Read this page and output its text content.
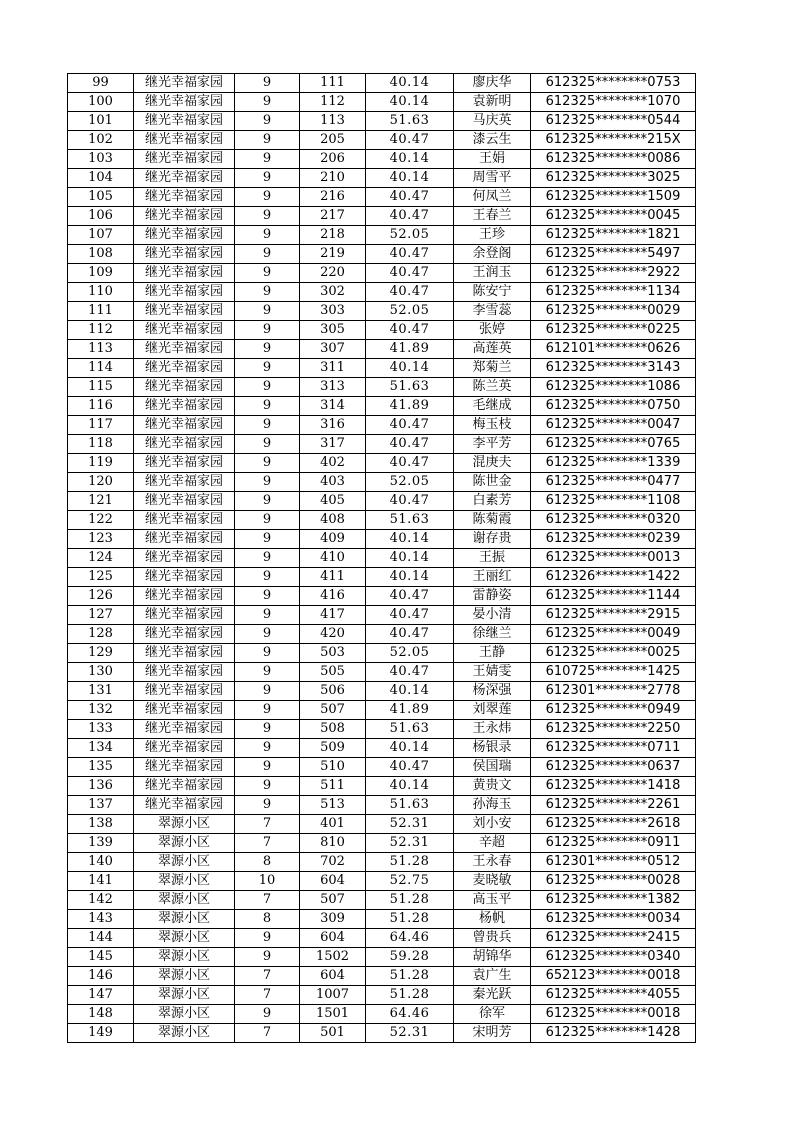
99	继光幸福家园	9	111	40.14	廖庆华	612325********0753
100	继光幸福家园	9	112	40.14	袁新明	612325********1070
101	继光幸福家园	9	113	51.63	马庆英	612325********0544
102	继光幸福家园	9	205	40.47	漆云生	612325********215X
103	继光幸福家园	9	206	40.14	王娟	612325********0086
104	继光幸福家园	9	210	40.14	周雪平	612325********3025
105	继光幸福家园	9	216	40.47	何凤兰	612325********1509
106	继光幸福家园	9	217	40.47	王春兰	612325********0045
107	继光幸福家园	9	218	52.05	王珍	612325********1821
108	继光幸福家园	9	219	40.47	余登阁	612325********5497
109	继光幸福家园	9	220	40.47	王润玉	612325********2922
110	继光幸福家园	9	302	40.47	陈安宁	612325********1134
111	继光幸福家园	9	303	52.05	李雪蕊	612325********0029
112	继光幸福家园	9	305	40.47	张婷	612325********0225
113	继光幸福家园	9	307	41.89	高莲英	612101********0626
114	继光幸福家园	9	311	40.14	郑菊兰	612325********3143
115	继光幸福家园	9	313	51.63	陈兰英	612325********1086
116	继光幸福家园	9	314	41.89	毛继成	612325********0750
117	继光幸福家园	9	316	40.47	梅玉枝	612325********0047
118	继光幸福家园	9	317	40.47	李平芳	612325********0765
119	继光幸福家园	9	402	40.47	混庚夫	612325********1339
120	继光幸福家园	9	403	52.05	陈世金	612325********0477
121	继光幸福家园	9	405	40.47	白素芳	612325********1108
122	继光幸福家园	9	408	51.63	陈菊霞	612325********0320
123	继光幸福家园	9	409	40.14	谢存贵	612325********0239
124	继光幸福家园	9	410	40.14	王振	612325********0013
125	继光幸福家园	9	411	40.14	王丽红	612326********1422
126	继光幸福家园	9	416	40.47	雷静姿	612325********1144
127	继光幸福家园	9	417	40.47	晏小清	612325********2915
128	继光幸福家园	9	420	40.47	徐继兰	612325********0049
129	继光幸福家园	9	503	52.05	王静	612325********0025
130	继光幸福家园	9	505	40.47	王婧雯	610725********1425
131	继光幸福家园	9	506	40.14	杨深强	612301********2778
132	继光幸福家园	9	507	41.89	刘翠莲	612325********0949
133	继光幸福家园	9	508	51.63	王永炜	612325********2250
134	继光幸福家园	9	509	40.14	杨银录	612325********0711
135	继光幸福家园	9	510	40.47	侯国瑞	612325********0637
136	继光幸福家园	9	511	40.14	黄贵文	612325********1418
137	继光幸福家园	9	513	51.63	孙海玉	612325********2261
138	翠源小区	7	401	52.31	刘小安	612325********2618
139	翠源小区	7	810	52.31	辛超	612325********0911
140	翠源小区	8	702	51.28	王永春	612301********0512
141	翠源小区	10	604	52.75	麦晓敏	612325********0028
142	翠源小区	7	507	51.28	高玉平	612325********1382
143	翠源小区	8	309	51.28	杨帆	612325********0034
144	翠源小区	9	604	64.46	曾贵兵	612325********2415
145	翠源小区	9	1502	59.28	胡锦华	612325********0340
146	翠源小区	7	604	51.28	袁广生	652123********0018
147	翠源小区	7	1007	51.28	秦光跃	612325********4055
148	翠源小区	9	1501	64.46	徐军	612325********0018
149	翠源小区	7	501	52.31	宋明芳	612325********1428
